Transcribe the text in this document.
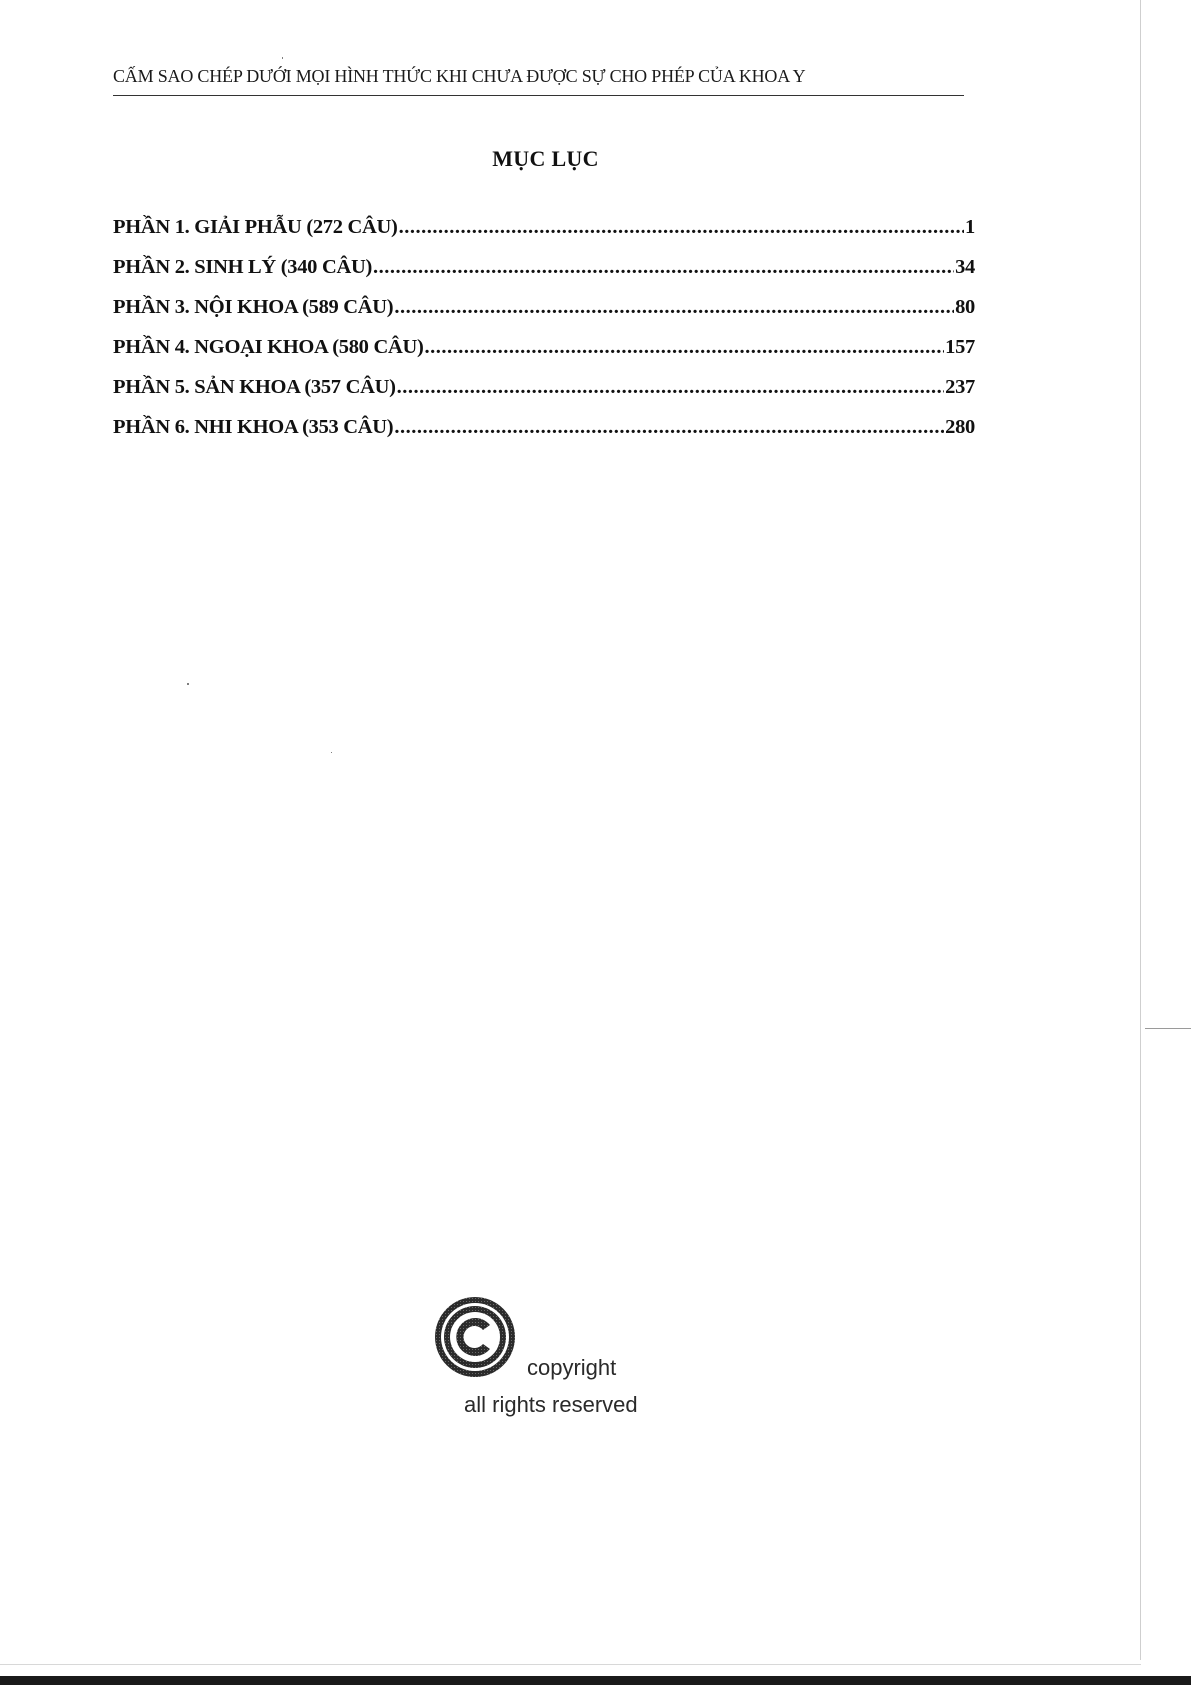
CẤM SAO CHÉP DƯỚI MỌI HÌNH THỨC KHI CHƯA ĐƯỢC SỰ CHO PHÉP CỦA KHOA Y
MỤC LỤC
PHẦN 1. GIẢI PHẪU (272 CÂU) .....	1
PHẦN 2. SINH LÝ (340 CÂU) .....	34
PHẦN 3. NỘI KHOA (589 CÂU) .....	80
PHẦN 4. NGOẠI KHOA (580 CÂU) .....	157
PHẦN 5. SẢN KHOA (357 CÂU) .....	237
PHẦN 6. NHI KHOA (353 CÂU) .....	280
copyright
all rights reserved
